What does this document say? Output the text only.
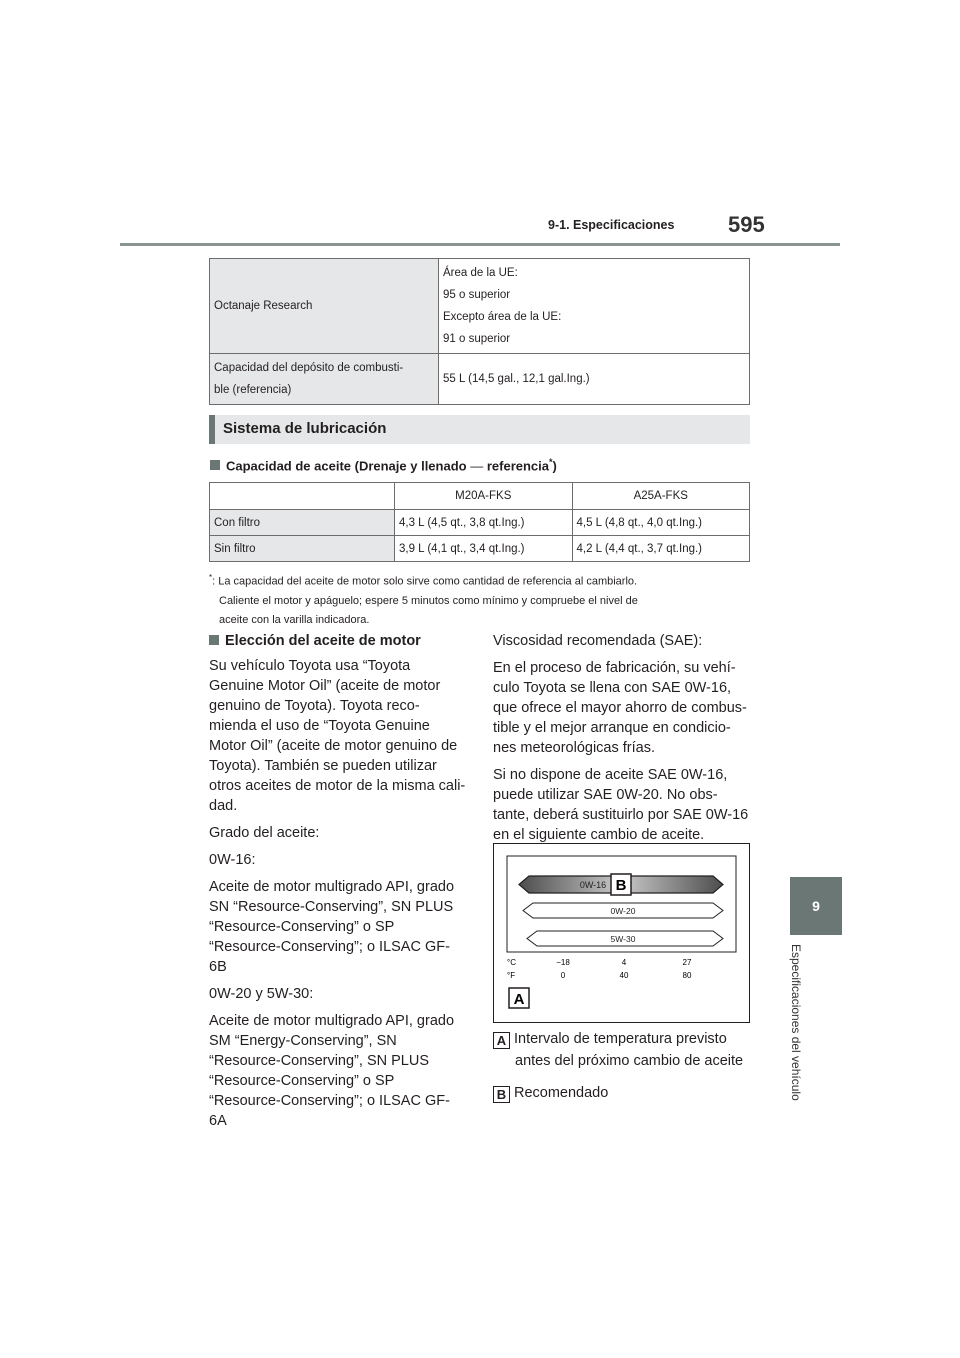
9-1. Especificaciones 595
9
Especificaciones del vehículo
Octanaje Research	Área de la UE:

95 o superior

Excepto área de la UE:

91 o superior

Capacidad del depósito de combusti-

ble (referencia)	55 L (14,5 gal., 12,1 gal.Ing.)
Sistema de lubricación
Capacidad de aceite (Drenaje y llenado — referencia*)
	M20A-FKS	A25A-FKS
Con filtro	4,3 L (4,5 qt., 3,8 qt.Ing.)	4,5 L (4,8 qt., 4,0 qt.Ing.)
Sin filtro	3,9 L (4,1 qt., 3,4 qt.Ing.)	4,2 L (4,4 qt., 3,7 qt.Ing.)
*: La capacidad del aceite de motor solo sirve como cantidad de referencia al cambiarlo.
Caliente el motor y apáguelo; espere 5 minutos como mínimo y compruebe el nivel de
aceite con la varilla indicadora.
Elección del aceite de motor

Su vehículo Toyota usa “Toyota
Genuine Motor Oil” (aceite de motor
genuino de Toyota). Toyota reco-
mienda el uso de “Toyota Genuine
Motor Oil” (aceite de motor genuino de
Toyota). También se pueden utilizar
otros aceites de motor de la misma cali-
dad.

Grado del aceite:

0W-16:

Aceite de motor multigrado API, grado
SN “Resource-Conserving”, SN PLUS
“Resource-Conserving” o SP
“Resource-Conserving”; o ILSAC GF-
6B

0W-20 y 5W-30:

Aceite de motor multigrado API, grado
SM “Energy-Conserving”, SN
“Resource-Conserving”, SN PLUS
“Resource-Conserving” o SP
“Resource-Conserving”; o ILSAC GF-
6A

Viscosidad recomendada (SAE):

En el proceso de fabricación, su vehí-
culo Toyota se llena con SAE 0W-16,
que ofrece el mayor ahorro de combus-
tible y el mejor arranque en condicio-
nes meteorológicas frías.

Si no dispone de aceite SAE 0W-16,
puede utilizar SAE 0W-20. No obs-
tante, deberá sustituirlo por SAE 0W-16
en el siguiente cambio de aceite.

0W-16 B
0W-20
5W-30
°C
°F
−18	4	27
0	40	80
A
A Intervalo de temperatura previsto
antes del próximo cambio de aceite
B Recomendado
